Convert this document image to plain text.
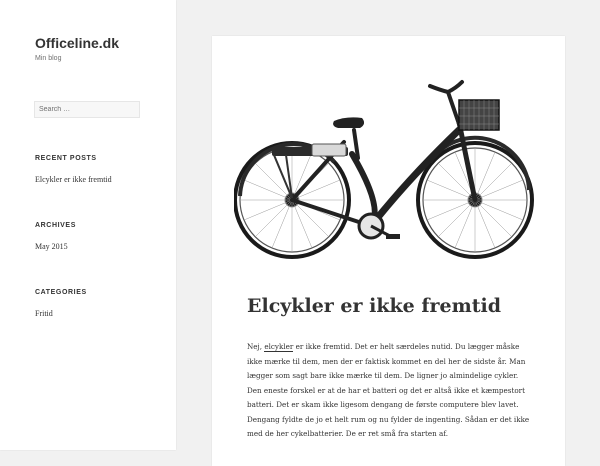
Officeline.dk
Min blog
Search …
RECENT POSTS
Elcykler er ikke fremtid
ARCHIVES
May 2015
CATEGORIES
Fritid	Elcykler er ikke fremtid

Nej, elcykler er ikke fremtid. Det er helt særdeles nutid. Du lægger måske ikke mærke til dem, men der er faktisk kommet en del her de sidste år. Man lægger som sagt bare ikke mærke til dem. De ligner jo almindelige cykler. Den eneste forskel er at de har et batteri og det er altså ikke et kæmpestort batteri. Det er skam ikke ligesom dengang de første computere blev lavet. Dengang fyldte de jo et helt rum og nu fylder de ingenting. Sådan er det ikke med de her cykelbatterier. De er ret små fra starten af.
